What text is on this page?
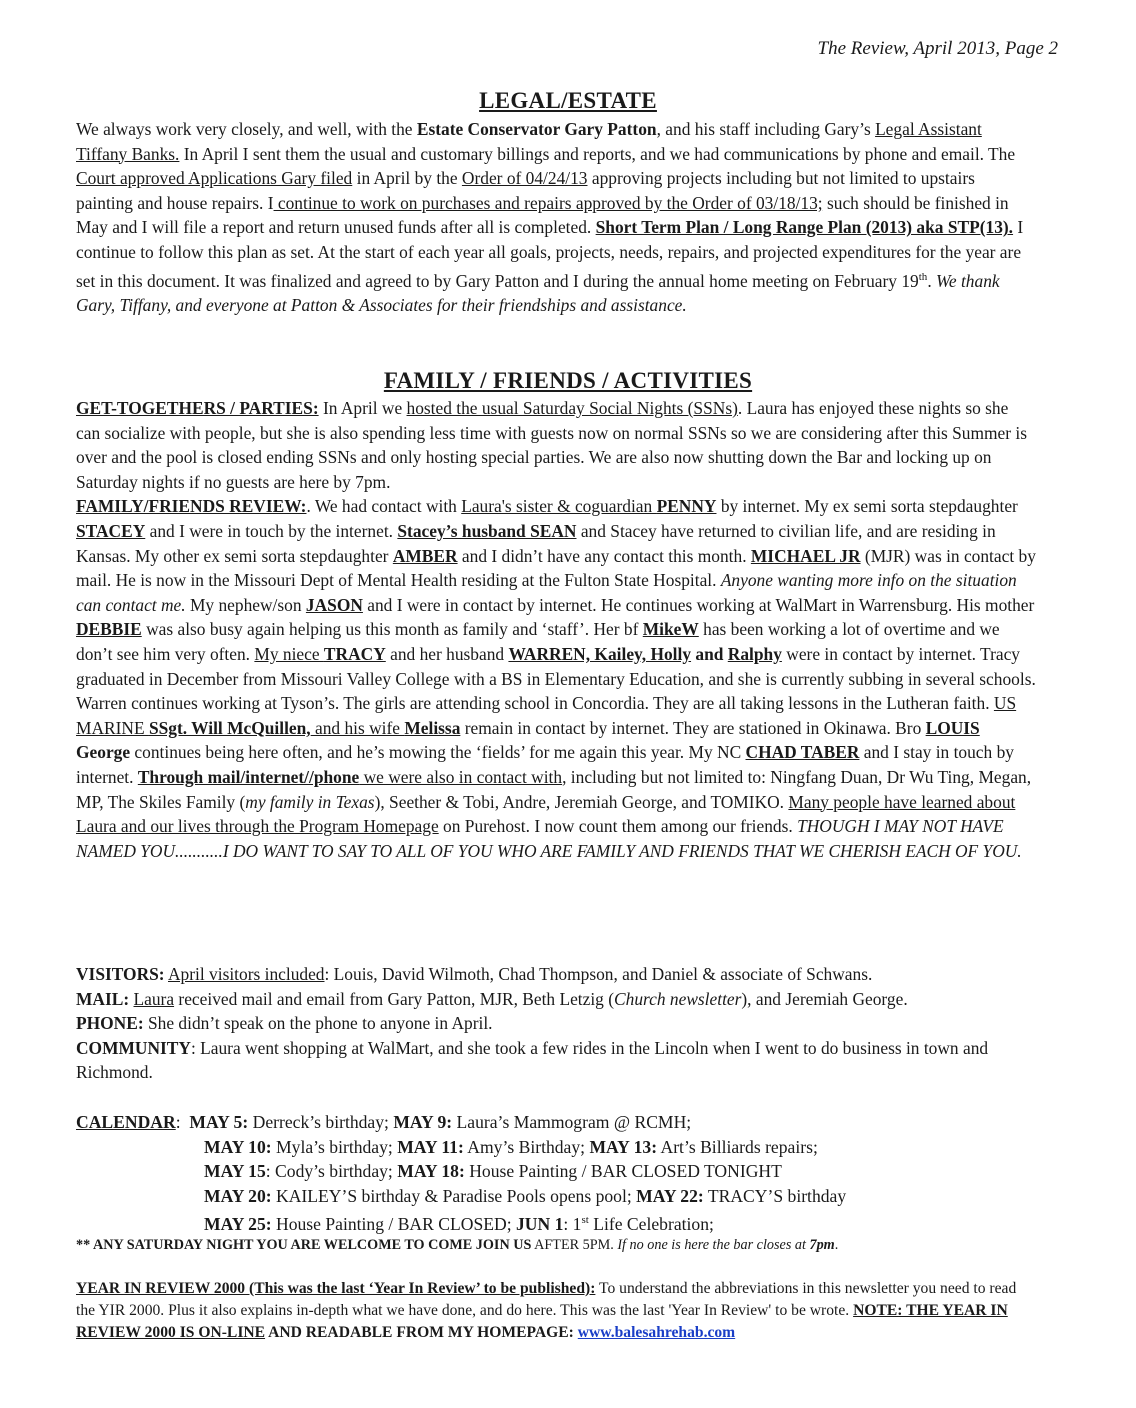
The Review, April 2013, Page 2
LEGAL/ESTATE
We always work very closely, and well, with the Estate Conservator Gary Patton, and his staff including Gary’s Legal Assistant Tiffany Banks. In April I sent them the usual and customary billings and reports, and we had communications by phone and email. The Court approved Applications Gary filed in April by the Order of 04/24/13 approving projects including but not limited to upstairs painting and house repairs. I continue to work on purchases and repairs approved by the Order of 03/18/13; such should be finished in May and I will file a report and return unused funds after all is completed. Short Term Plan / Long Range Plan (2013) aka STP(13). I continue to follow this plan as set. At the start of each year all goals, projects, needs, repairs, and projected expenditures for the year are set in this document. It was finalized and agreed to by Gary Patton and I during the annual home meeting on February 19th. We thank Gary, Tiffany, and everyone at Patton & Associates for their friendships and assistance.
FAMILY / FRIENDS / ACTIVITIES
GET-TOGETHERS / PARTIES: In April we hosted the usual Saturday Social Nights (SSNs). Laura has enjoyed these nights so she can socialize with people, but she is also spending less time with guests now on normal SSNs so we are considering after this Summer is over and the pool is closed ending SSNs and only hosting special parties. We are also now shutting down the Bar and locking up on Saturday nights if no guests are here by 7pm.
FAMILY/FRIENDS REVIEW:. We had contact with Laura's sister & coguardian PENNY by internet. My ex semi sorta stepdaughter STACEY and I were in touch by the internet. Stacey’s husband SEAN and Stacey have returned to civilian life, and are residing in Kansas. My other ex semi sorta stepdaughter AMBER and I didn’t have any contact this month. MICHAEL JR (MJR) was in contact by mail. He is now in the Missouri Dept of Mental Health residing at the Fulton State Hospital. Anyone wanting more info on the situation can contact me. My nephew/son JASON and I were in contact by internet. He continues working at WalMart in Warrensburg. His mother DEBBIE was also busy again helping us this month as family and ‘staff’. Her bf MikeW has been working a lot of overtime and we don’t see him very often. My niece TRACY and her husband WARREN, Kailey, Holly and Ralphy were in contact by internet. Tracy graduated in December from Missouri Valley College with a BS in Elementary Education, and she is currently subbing in several schools. Warren continues working at Tyson’s. The girls are attending school in Concordia. They are all taking lessons in the Lutheran faith. US MARINE SSgt. Will McQuillen, and his wife Melissa remain in contact by internet. They are stationed in Okinawa. Bro LOUIS George continues being here often, and he’s mowing the ‘fields’ for me again this year. My NC CHAD TABER and I stay in touch by internet. Through mail/internet//phone we were also in contact with, including but not limited to: Ningfang Duan, Dr Wu Ting, Megan, MP, The Skiles Family (my family in Texas), Seether & Tobi, Andre, Jeremiah George, and TOMIKO. Many people have learned about Laura and our lives through the Program Homepage on Purehost. I now count them among our friends. THOUGH I MAY NOT HAVE NAMED YOU...........I DO WANT TO SAY TO ALL OF YOU WHO ARE FAMILY AND FRIENDS THAT WE CHERISH EACH OF YOU.
VISITORS: April visitors included: Louis, David Wilmoth, Chad Thompson, and Daniel & associate of Schwans.
MAIL: Laura received mail and email from Gary Patton, MJR, Beth Letzig (Church newsletter), and Jeremiah George.
PHONE: She didn’t speak on the phone to anyone in April.
COMMUNITY: Laura went shopping at WalMart, and she took a few rides in the Lincoln when I went to do business in town and Richmond.
CALENDAR:  MAY 5: Derreck’s birthday; MAY 9: Laura’s Mammogram @ RCMH;
MAY 10: Myla’s birthday; MAY 11: Amy’s Birthday; MAY 13: Art’s Billiards repairs;
MAY 15: Cody’s birthday; MAY 18: House Painting / BAR CLOSED TONIGHT
MAY 20: KAILEY’S birthday & Paradise Pools opens pool; MAY 22: TRACY’S birthday
MAY 25: House Painting / BAR CLOSED; JUN 1: 1st Life Celebration;
** ANY SATURDAY NIGHT YOU ARE WELCOME TO COME JOIN US AFTER 5PM. If no one is here the bar closes at 7pm.
YEAR IN REVIEW 2000 (This was the last ‘Year In Review’ to be published): To understand the abbreviations in this newsletter you need to read the YIR 2000. Plus it also explains in-depth what we have done, and do here. This was the last 'Year In Review' to be wrote. NOTE: THE YEAR IN REVIEW 2000 IS ON-LINE AND READABLE FROM MY HOMEPAGE: www.balesahrehab.com
